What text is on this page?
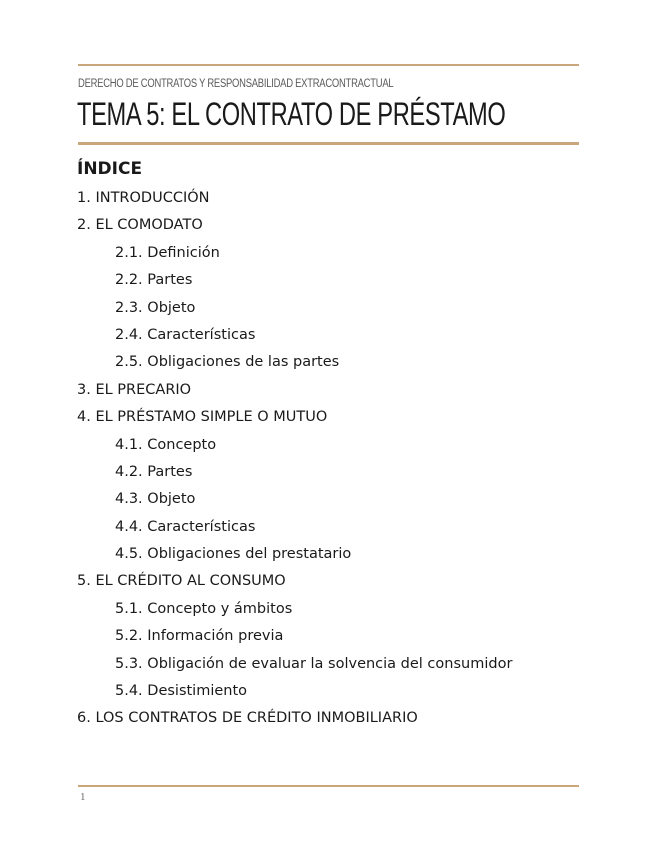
DERECHO DE CONTRATOS Y RESPONSABILIDAD EXTRACONTRACTUAL
TEMA 5: EL CONTRATO DE PRÉSTAMO
ÍNDICE
1. INTRODUCCIÓN
2. EL COMODATO
2.1. Definición
2.2. Partes
2.3. Objeto
2.4. Características
2.5. Obligaciones de las partes
3. EL PRECARIO
4. EL PRÉSTAMO SIMPLE O MUTUO
4.1. Concepto
4.2. Partes
4.3. Objeto
4.4. Características
4.5. Obligaciones del prestatario
5. EL CRÉDITO AL CONSUMO
5.1. Concepto y ámbitos
5.2. Información previa
5.3. Obligación de evaluar la solvencia del consumidor
5.4. Desistimiento
6. LOS CONTRATOS DE CRÉDITO INMOBILIARIO
1
